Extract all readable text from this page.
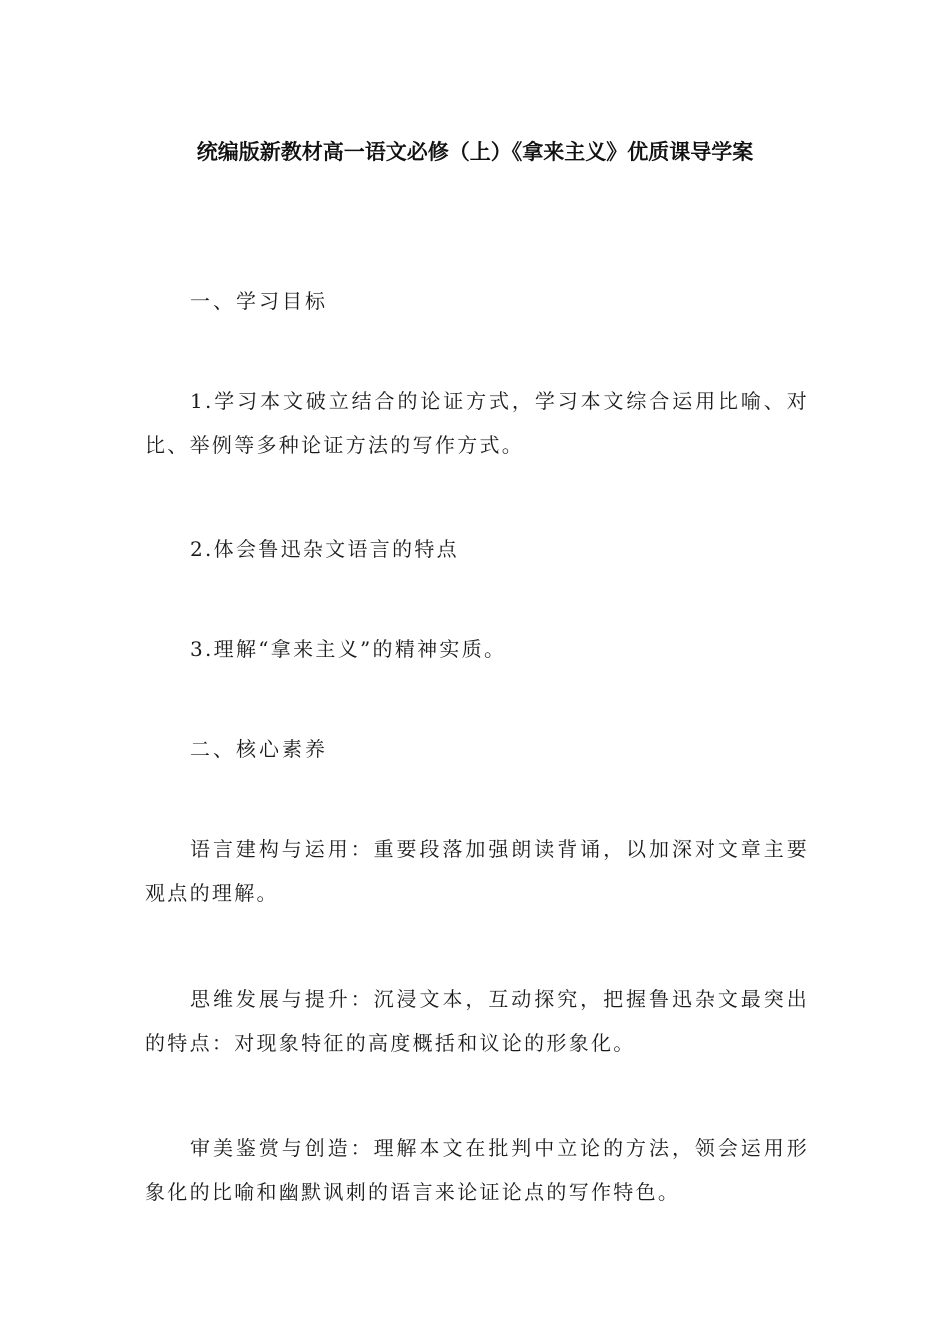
统编版新教材高一语文必修（上）《拿来主义》优质课导学案
一、学习目标
1.学习本文破立结合的论证方式，学习本文综合运用比喻、对比、举例等多种论证方法的写作方式。
2.体会鲁迅杂文语言的特点
3.理解“拿来主义”的精神实质。
二、核心素养
语言建构与运用：重要段落加强朗读背诵，以加深对文章主要观点的理解。
思维发展与提升：沉浸文本，互动探究，把握鲁迅杂文最突出的特点：对现象特征的高度概括和议论的形象化。
审美鉴赏与创造：理解本文在批判中立论的方法，领会运用形象化的比喻和幽默讽刺的语言来论证论点的写作特色。
